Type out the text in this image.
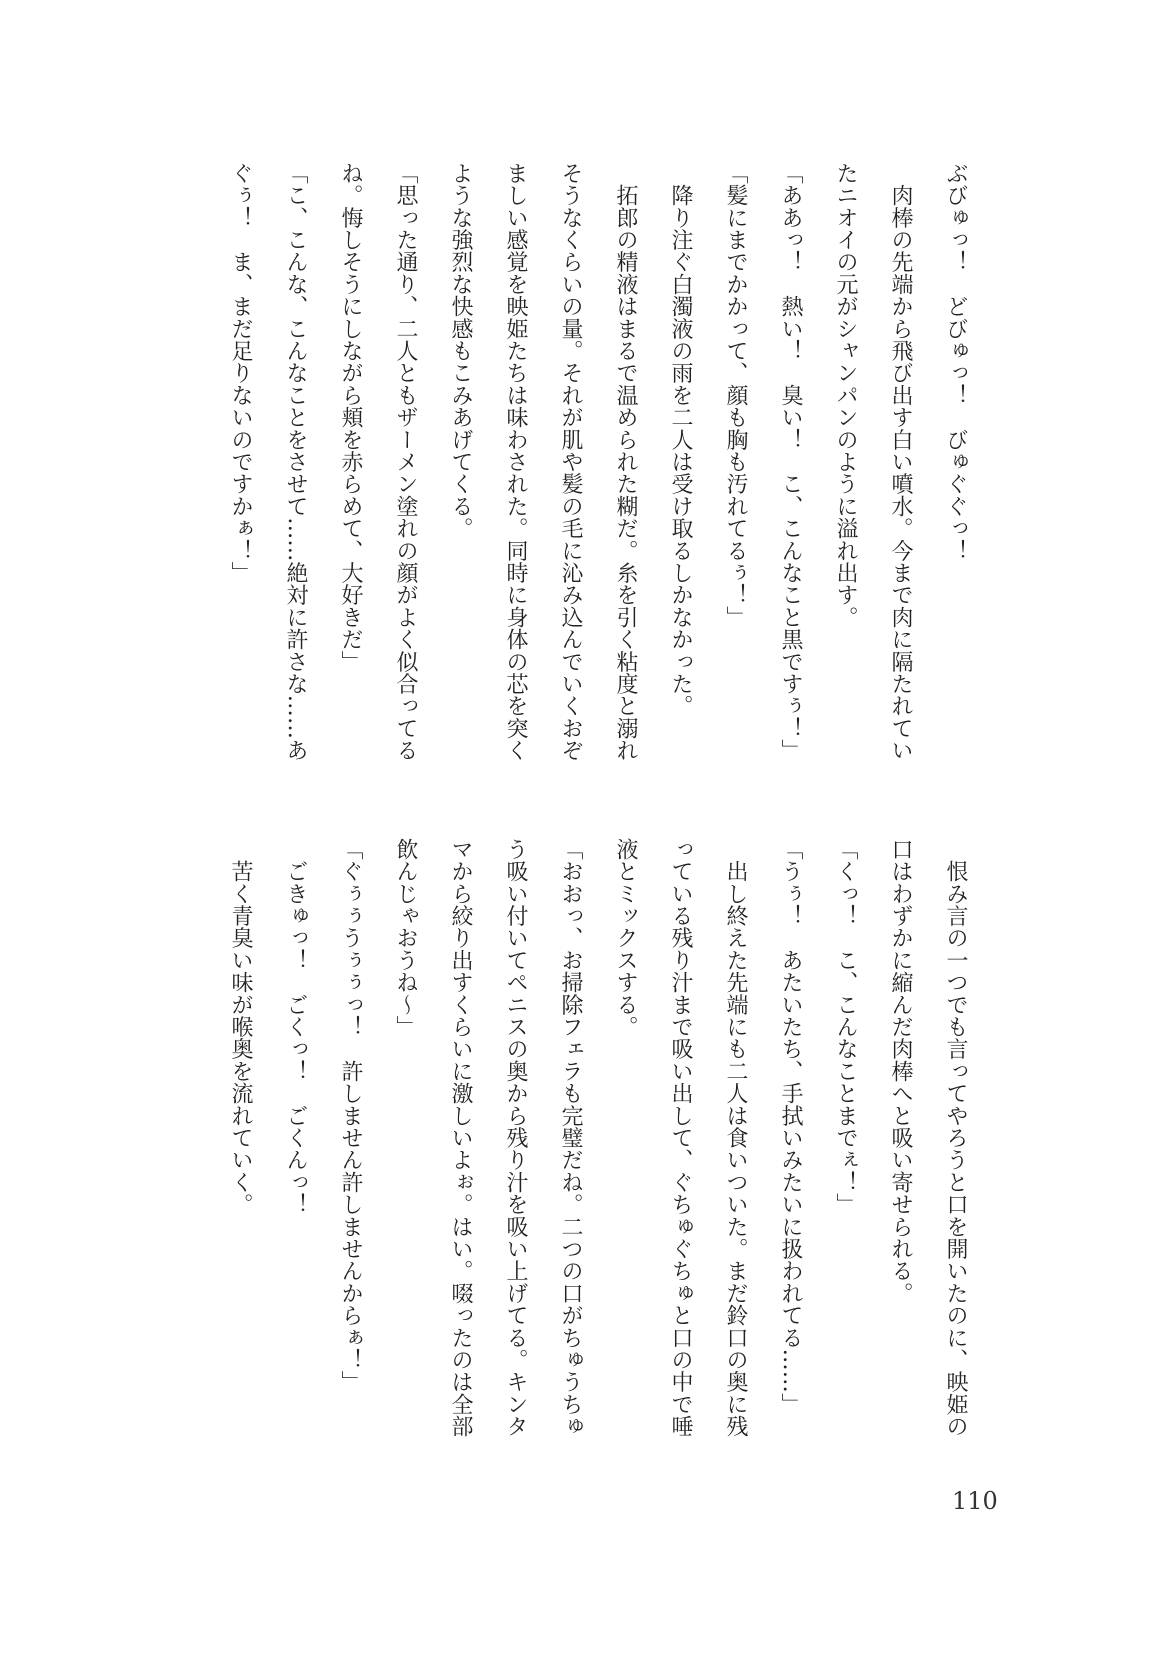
ぶびゅっ！　どびゅっ！　びゅぐぐっ！
　肉棒の先端から飛び出す白い噴水。今まで肉に隔たれてい
たニオイの元がシャンパンのように溢れ出す。
「ああっ！　熱い！　臭い！　こ、こんなこと黒ですぅ！」
「髪にまでかかって、顔も胸も汚れてるぅ！」
　降り注ぐ白濁液の雨を二人は受け取るしかなかった。
　拓郎の精液はまるで温められた糊だ。糸を引く粘度と溺れ
そうなくらいの量。それが肌や髪の毛に沁み込んでいくおぞ
ましい感覚を映姫たちは味わされた。同時に身体の芯を突く
ような強烈な快感もこみあげてくる。
「思った通り、二人ともザーメン塗れの顔がよく似合ってる
ね。悔しそうにしながら頬を赤らめて、大好きだ」
「こ、こんな、こんなことをさせて……絶対に許さな……あ
ぐぅ！　ま、まだ足りないのですかぁ！」
　恨み言の一つでも言ってやろうと口を開いたのに、映姫の
口はわずかに縮んだ肉棒へと吸い寄せられる。
「くっ！　こ、こんなことまでぇ！」
「うぅ！　あたいたち、手拭いみたいに扱われてる……」
　出し終えた先端にも二人は食いついた。まだ鈴口の奥に残
っている残り汁まで吸い出して、ぐちゅぐちゅと口の中で唾
液とミックスする。
「おおっ、お掃除フェラも完璧だね。二つの口がちゅうちゅ
う吸い付いてペニスの奥から残り汁を吸い上げてる。キンタ
マから絞り出すくらいに激しいよぉ。はい。啜ったのは全部
飲んじゃおうね～」
「ぐぅぅうぅぅっ！　許しません許しませんからぁ！」
　ごきゅっ！　ごくっ！　ごくんっ！
　苦く青臭い味が喉奥を流れていく。
110
